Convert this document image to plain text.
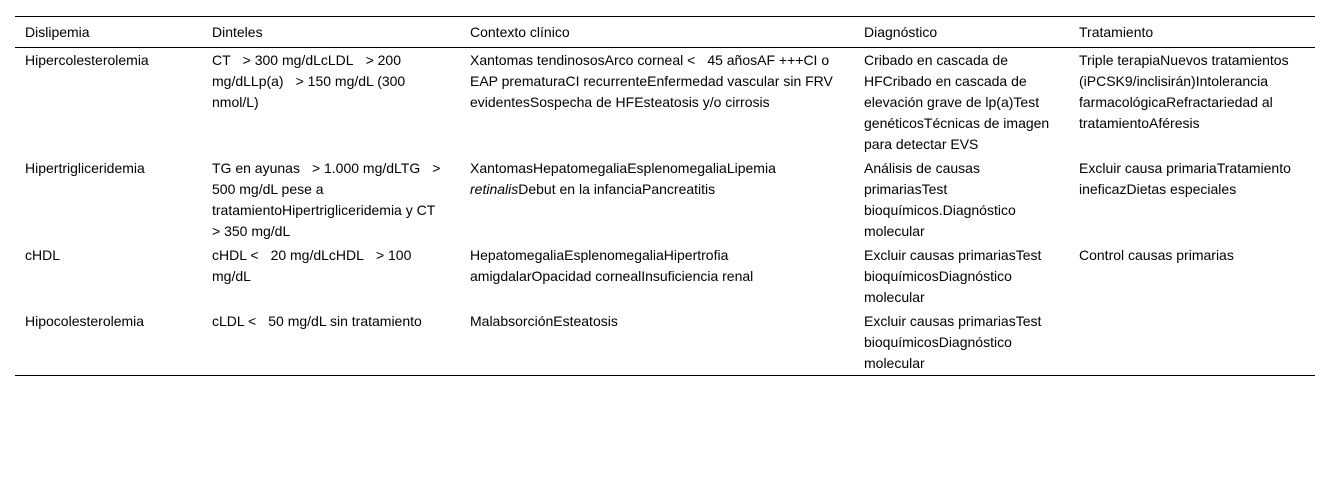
Dislipemia	Dinteles	Contexto clínico	Diagnóstico	Tratamiento
Hipercolesterolemia	CT > 300 mg/dLcLDL > 200 mg/dLLp(a) > 150 mg/dL (300 nmol/L)	Xantomas tendinososArco corneal < 45 añosAF +++CI o EAP prematuraCI recurrenteEnfermedad vascular sin FRV evidentesSospecha de HFEsteatosis y/o cirrosis	Cribado en cascada de HFCribado en cascada de elevación grave de lp(a)Test genéticosTécnicas de imagen para detectar EVS	Triple terapiaNuevos tratamientos (iPCSK9/inclisirán)Intolerancia farmacológicaRefractariedad al tratamientoAféresis
Hipertrigliceridemia	TG en ayunas > 1.000 mg/dLTG > 500 mg/dL pese a tratamientoHipertrigliceridemia y CT> 350 mg/dL	XantomasHepatomegaliaEsplenomegaliaLipemia retinalisDebut en la infanciaPancreatitis	Análisis de causas primariasTest bioquímicos.Diagnóstico molecular	Excluir causa primariaTratamiento ineficazDietas especiales
cHDL	cHDL < 20 mg/dLcHDL > 100 mg/dL	HepatomegaliaEsplenomegaliaHipertrofia amigdalarOpacidad cornealInsuficiencia renal	Excluir causas primariasTest bioquímicosDiagnóstico molecular	Control causas primarias
Hipocolesterolemia	cLDL < 50 mg/dL sin tratamiento	MalabsorciónEsteatosis	Excluir causas primariasTest bioquímicosDiagnóstico molecular	
